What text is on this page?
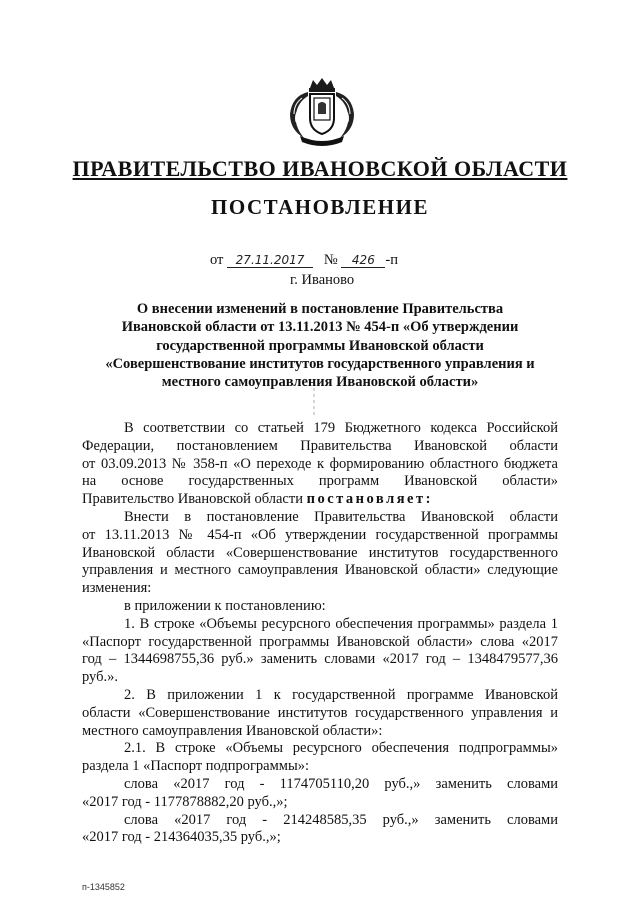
ПРАВИТЕЛЬСТВО ИВАНОВСКОЙ ОБЛАСТИ
ПОСТАНОВЛЕНИЕ
от 27.11.2017 № 426 -п
г. Иваново
О внесении изменений в постановление Правительства
Ивановской области от 13.11.2013 № 454-п «Об утверждении
государственной программы Ивановской области
«Совершенствование институтов государственного управления и
местного самоуправления Ивановской области»

В соответствии со статьей 179 Бюджетного кодекса Российской

Федерации, постановлением Правительства Ивановской области

от 03.09.2013 № 358-п «О переходе к формированию областного бюджета

на основе государственных программ Ивановской области»

Правительство Ивановской области постановляет:

Внести в постановление Правительства Ивановской области

от 13.11.2013 № 454-п «Об утверждении государственной программы

Ивановской области «Совершенствование институтов государственного

управления и местного самоуправления Ивановской области» следующие

изменения:

в приложении к постановлению:

1. В строке «Объемы ресурсного обеспечения программы» раздела 1

«Паспорт государственной программы Ивановской области» слова «2017

год – 1344698755,36 руб.» заменить словами «2017 год – 1348479577,36

руб.».

2. В приложении 1 к государственной программе Ивановской

области «Совершенствование институтов государственного управления и

местного самоуправления Ивановской области»:

2.1. В строке «Объемы ресурсного обеспечения подпрограммы»

раздела 1 «Паспорт подпрограммы»:

слова «2017 год - 1174705110,20 руб.,» заменить словами

«2017 год - 1177878882,20 руб.,»;

слова «2017 год - 214248585,35 руб.,» заменить словами

«2017 год - 214364035,35 руб.,»;

п-1345852
